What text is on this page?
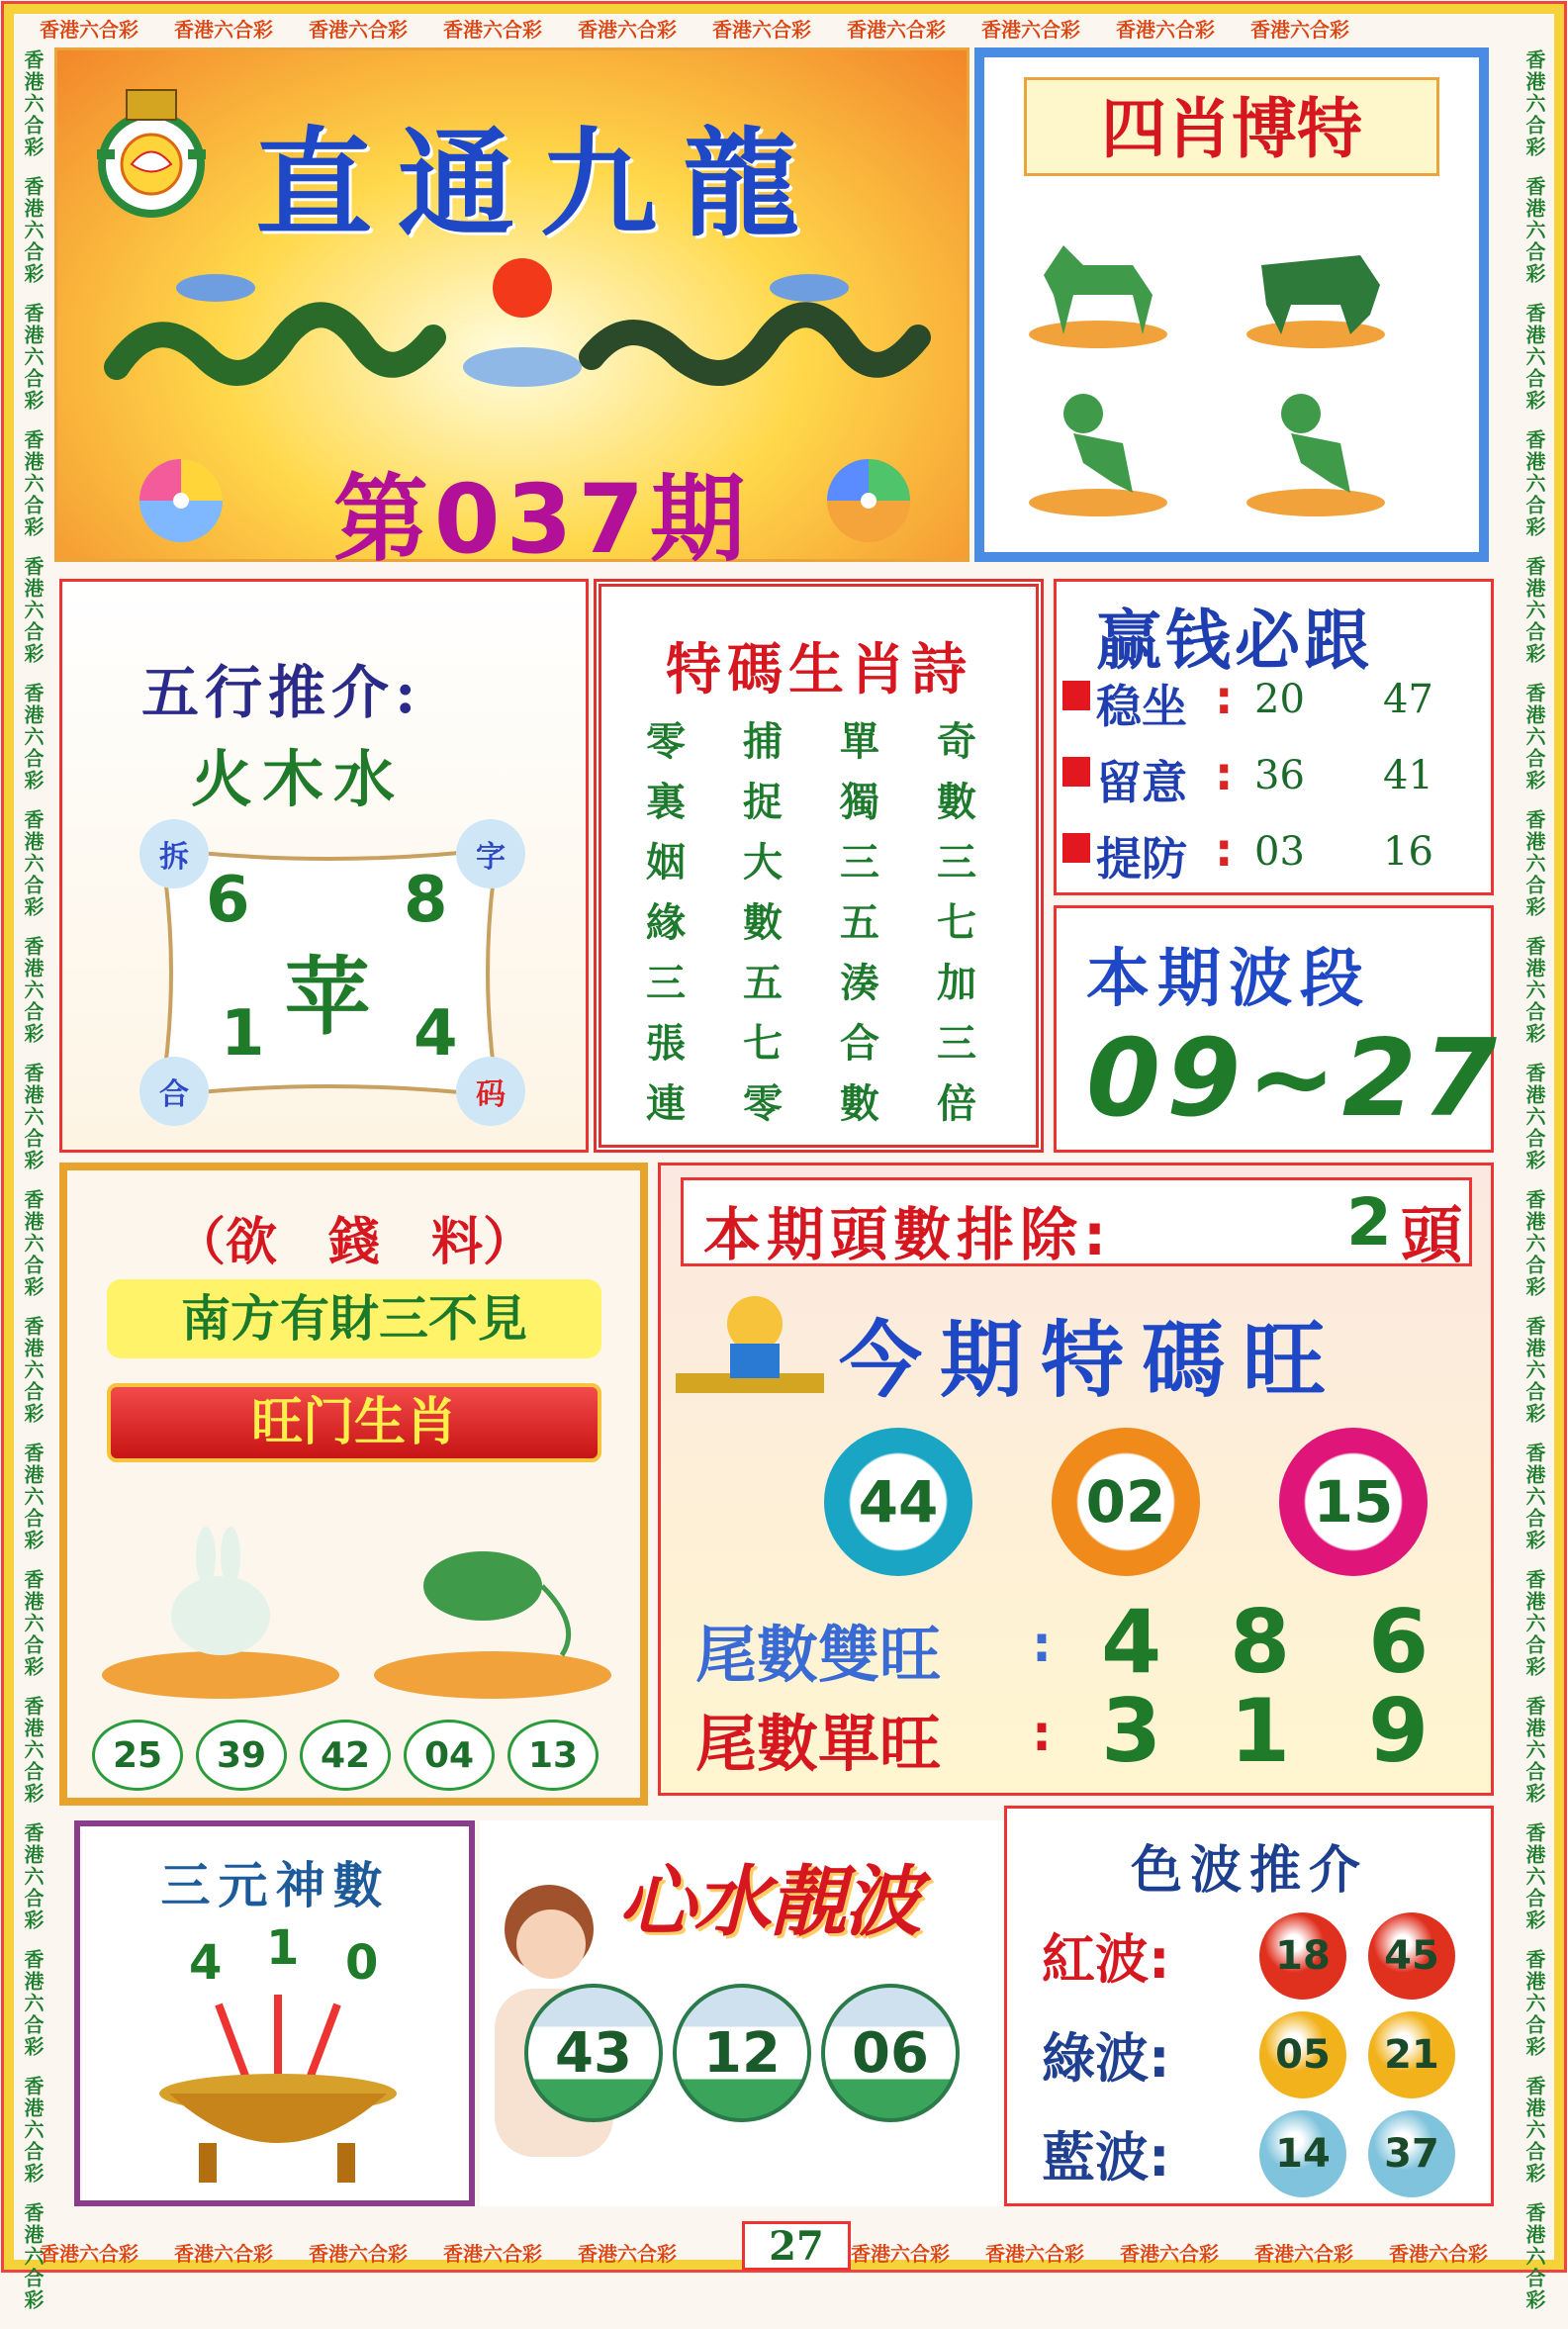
香港六合彩 香港六合彩 香港六合彩 香港六合彩 香港六合彩 香港六合彩 香港六合彩 香港六合彩 香港六合彩 香港六合彩
香港六合彩 香港六合彩 香港六合彩 香港六合彩 香港六合彩	香港六合彩 香港六合彩 香港六合彩 香港六合彩 香港六合彩
香港六合彩香港六合彩香港六合彩香港六合彩香港六合彩香港六合彩香港六合彩香港六合彩香港六合彩香港六合彩香港六合彩香港六合彩香港六合彩香港六合彩香港六合彩香港六合彩香港六合彩香港六合彩
香港六合彩香港六合彩香港六合彩香港六合彩香港六合彩香港六合彩香港六合彩香港六合彩香港六合彩香港六合彩香港六合彩香港六合彩香港六合彩香港六合彩香港六合彩香港六合彩香港六合彩香港六合彩
直通九龍
第037期
四肖博特
五行推介:
火木水
拆	字
合	码
6 8
苹
1 4
特碼生肖詩
零 捕 單 奇
裏 捉 獨 數
姻 大 三 三
緣 數 五 七
三 五 湊 加
張 七 合 三
連 零 數 倍
赢钱必跟
稳坐 : 20 47
留意 : 36 41
提防 : 03 16
本期波段
09~27
（欲　錢　料）
南方有財三不見
旺门生肖
25	39	42	04	13
本期頭數排除:	2 頭
今期特碼旺
44	02	15
尾數雙旺 : 4 8 6
尾數單旺 : 3 1 9
三元神數
4 1 0
心水靚波
43	12	06
色波推介
紅波:	18	45
綠波:	05	21
藍波:	14	37
27
